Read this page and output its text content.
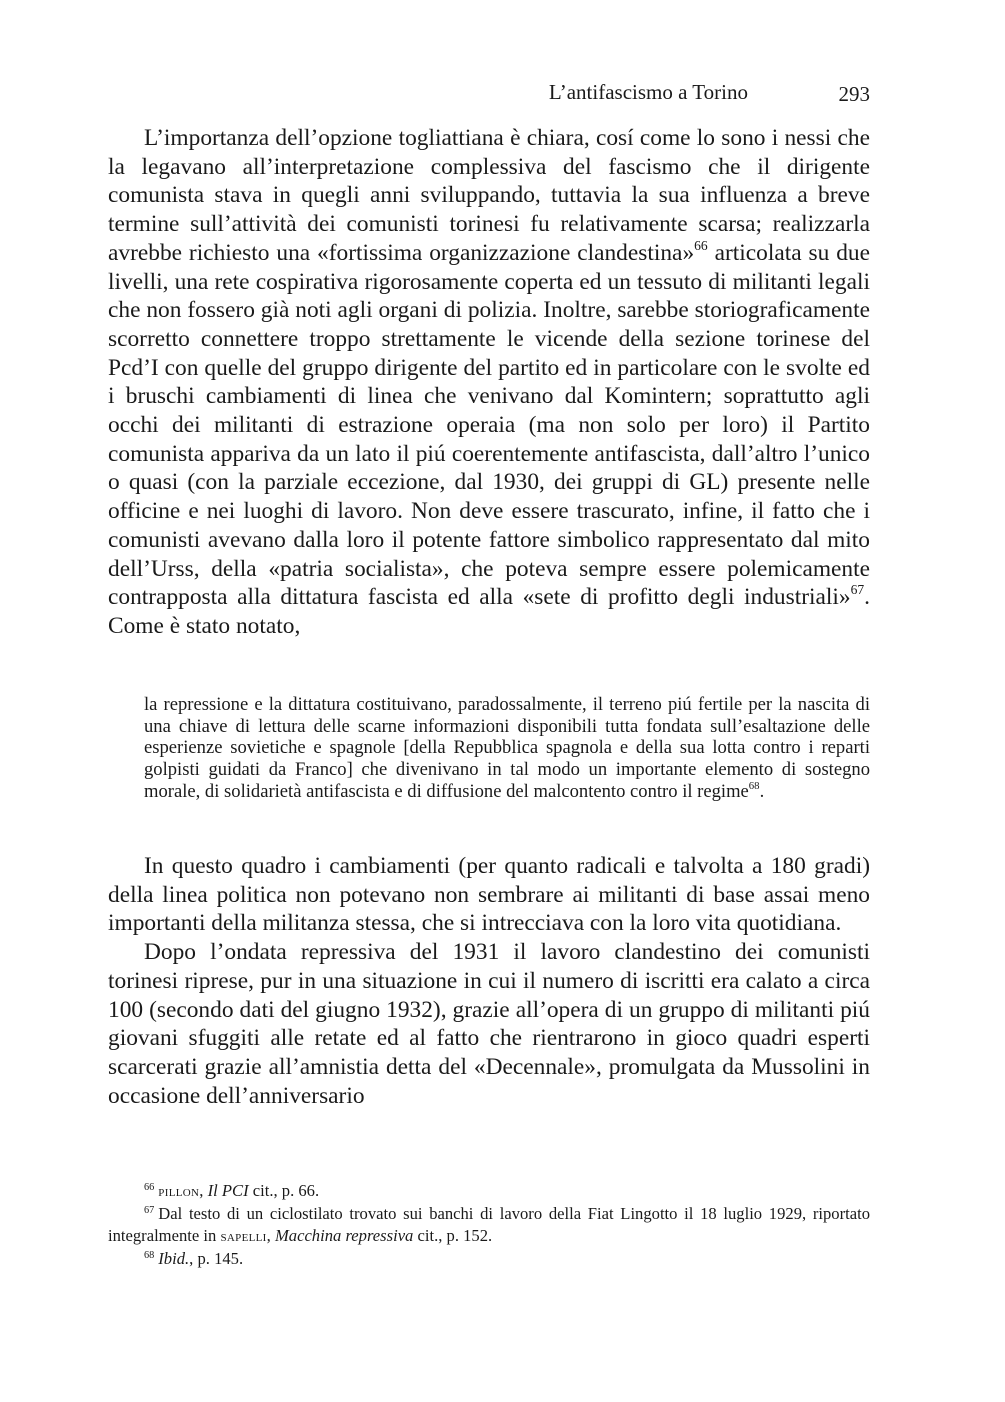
L’antifascismo a Torino	293

L’importanza dell’opzione togliattiana è chiara, cosí come lo sono i nessi che la legavano all’interpretazione complessiva del fascismo che il dirigente comunista stava in quegli anni sviluppando, tuttavia la sua influenza a breve termine sull’attività dei comunisti torinesi fu relativamente scarsa; realizzarla avrebbe richiesto una «fortissima organizzazione clandestina»$^{66}$ articolata su due livelli, una rete cospirativa rigorosamente coperta ed un tessuto di militanti legali che non fossero già noti agli organi di polizia. Inoltre, sarebbe storiograficamente scorretto connettere troppo strettamente le vicende della sezione torinese del Pcd’I con quelle del gruppo dirigente del partito ed in particolare con le svolte ed i bruschi cambiamenti di linea che venivano dal Komintern; soprattutto agli occhi dei militanti di estrazione operaia (ma non solo per loro) il Partito comunista appariva da un lato il piú coerentemente antifascista, dall’altro l’unico o quasi (con la parziale eccezione, dal 1930, dei gruppi di GL) presente nelle officine e nei luoghi di lavoro. Non deve essere trascurato, infine, il fatto che i comunisti avevano dalla loro il potente fattore simbolico rappresentato dal mito dell’Urss, della «patria socialista», che poteva sempre essere polemicamente contrapposta alla dittatura fascista ed alla «sete di profitto degli industriali»$^{67}$. Come è stato notato,

la repressione e la dittatura costituivano, paradossalmente, il terreno piú fertile per la nascita di una chiave di lettura delle scarne informazioni disponibili tutta fondata sull’esaltazione delle esperienze sovietiche e spagnole [della Repubblica spagnola e della sua lotta contro i reparti golpisti guidati da Franco] che divenivano in tal modo un importante elemento di sostegno morale, di solidarietà antifascista e di diffusione del malcontento contro il regime$^{68}$.

In questo quadro i cambiamenti (per quanto radicali e talvolta a 180 gradi) della linea politica non potevano non sembrare ai militanti di base assai meno importanti della militanza stessa, che si intrecciava con la loro vita quotidiana.

Dopo l’ondata repressiva del 1931 il lavoro clandestino dei comunisti torinesi riprese, pur in una situazione in cui il numero di iscritti era calato a circa 100 (secondo dati del giugno 1932), grazie all’opera di un gruppo di militanti piú giovani sfuggiti alle retate ed al fatto che rientrarono in gioco quadri esperti scarcerati grazie all’amnistia detta del «Decennale», promulgata da Mussolini in occasione dell’anniversario

$^{66}$ pillon, Il PCI cit., p. 66.

$^{67}$ Dal testo di un ciclostilato trovato sui banchi di lavoro della Fiat Lingotto il 18 luglio 1929, riportato integralmente in sapelli, Macchina repressiva cit., p. 152.

$^{68}$ Ibid., p. 145.
